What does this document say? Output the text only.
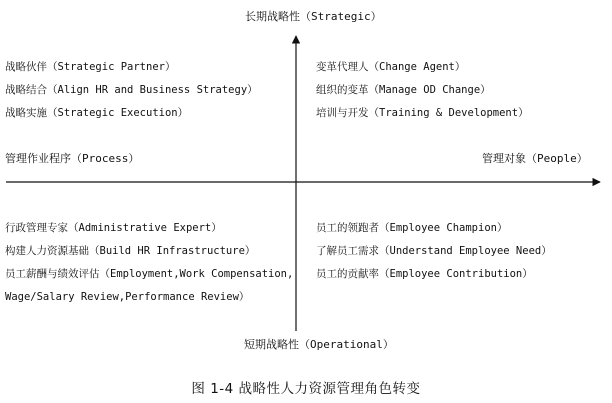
长期战略性（Strategic）
短期战略性（Operational）
管理作业程序（Process）	管理对象（People）
战略伙伴（Strategic Partner）
战略结合（Align HR and Business Strategy）
战略实施（Strategic Execution）
变革代理人（Change Agent）
组织的变革（Manage OD Change）
培训与开发（Training & Development）
行政管理专家（Administrative Expert）
构建人力资源基础（Build HR Infrastructure）
员工薪酬与绩效评估（Employment,Work Compensation,
Wage/Salary Review,Performance Review）
员工的领跑者（Employee Champion）
了解员工需求（Understand Employee Need）
员工的贡献率（Employee Contribution）
图 1-4 战略性人力资源管理角色转变
